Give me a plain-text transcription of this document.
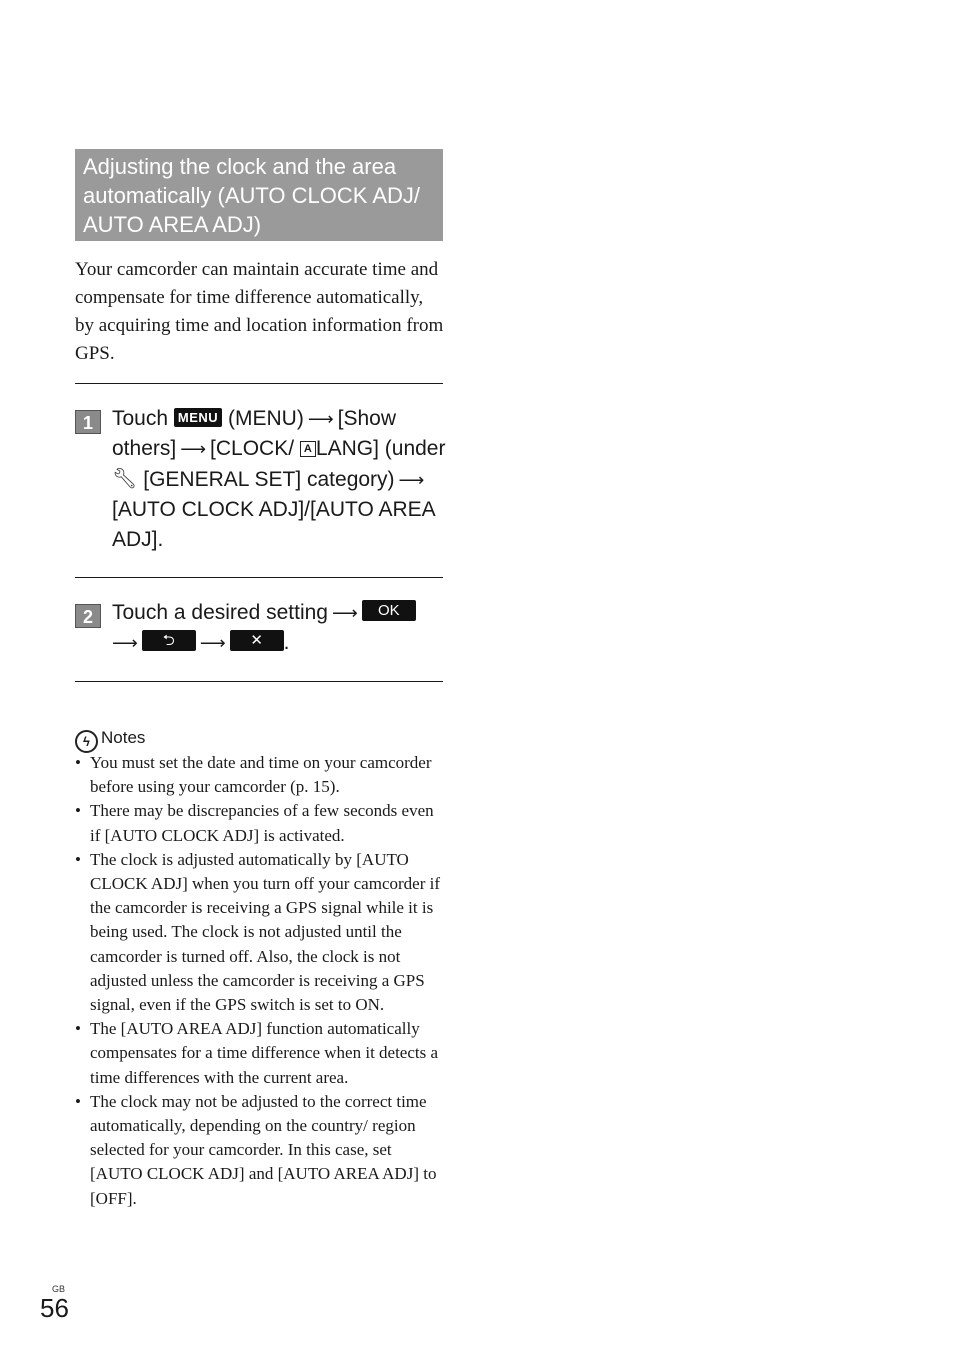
Adjusting the clock and the area automatically (AUTO CLOCK ADJ/ AUTO AREA ADJ)

Your camcorder can maintain accurate time and compensate for time difference automatically, by acquiring time and location information from GPS.

1 Touch MENU (MENU) ⟶ [Show others] ⟶ [CLOCK/ A LANG] (under 🔧︎ [GENERAL SET] category) ⟶[AUTO CLOCK ADJ]/[AUTO AREA ADJ].
2 Touch a desired setting ⟶ OK
⟶ ⮌ ⟶ ✕ .
ϟ Notes
• You must set the date and time on your camcorder before using your camcorder (p. 15).
• There may be discrepancies of a few seconds even if [AUTO CLOCK ADJ] is activated.
• The clock is adjusted automatically by [AUTO CLOCK ADJ] when you turn off your camcorder if the camcorder is receiving a GPS signal while it is being used. The clock is not adjusted until the camcorder is turned off. Also, the clock is not adjusted unless the camcorder is receiving a GPS signal, even if the GPS switch is set to ON.
• The [AUTO AREA ADJ] function automatically compensates for a time difference when it detects a time differences with the current area.
• The clock may not be adjusted to the correct time automatically, depending on the country/ region selected for your camcorder. In this case, set [AUTO CLOCK ADJ] and [AUTO AREA ADJ] to [OFF].
GB
56
